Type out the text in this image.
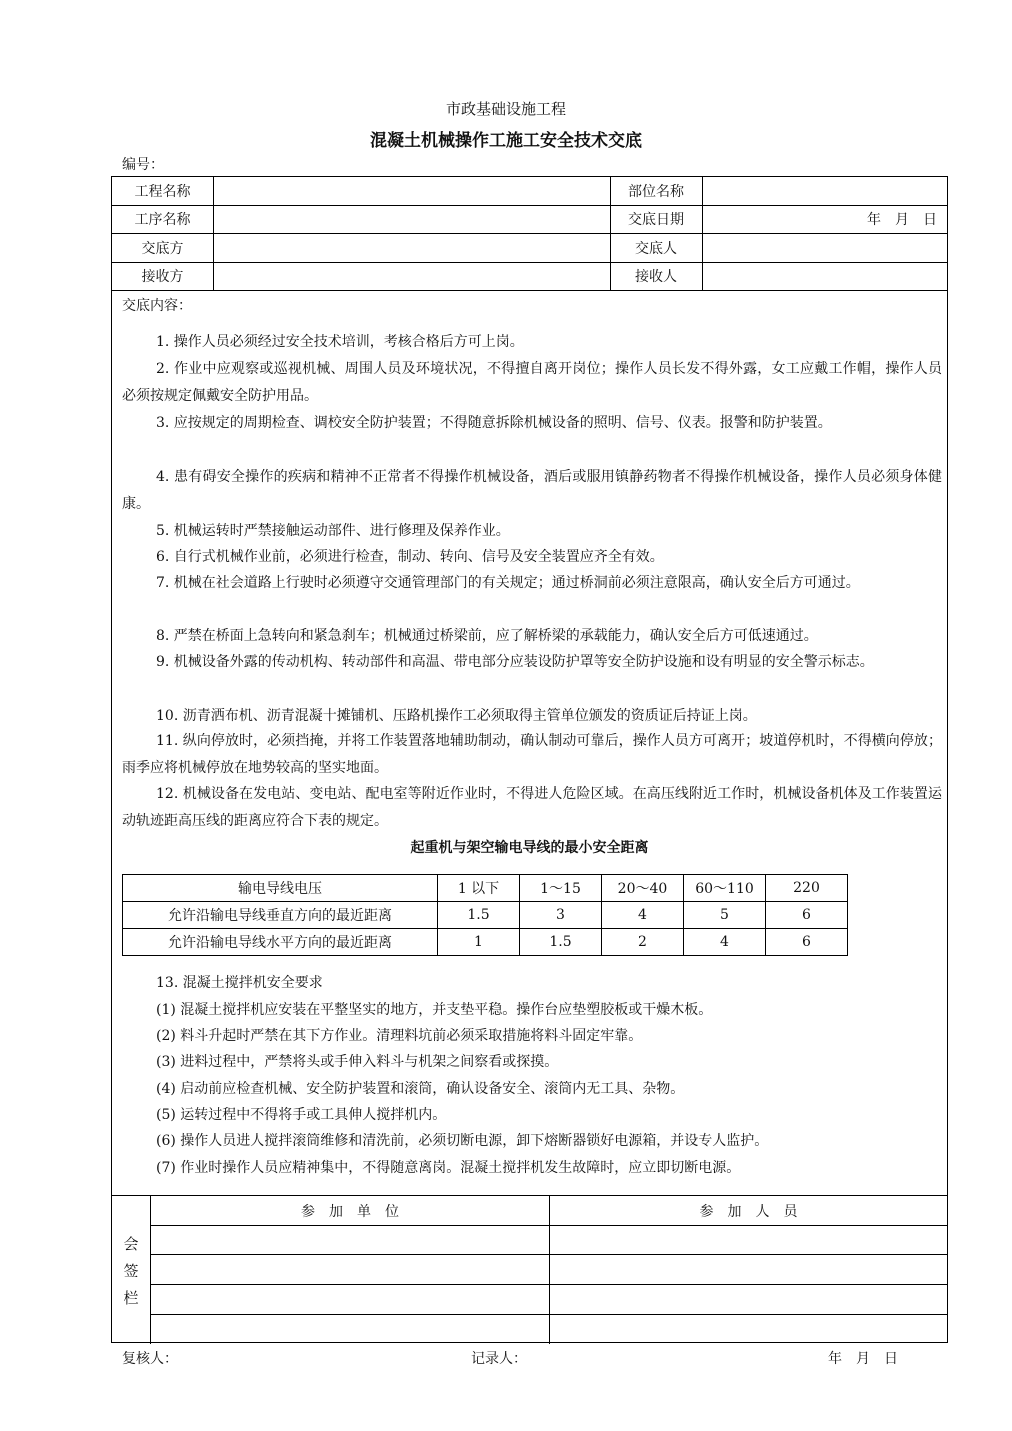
市政基础设施工程
混凝土机械操作工施工安全技术交底
编号：
工程名称	部位名称
工序名称	交底日期	年　月　日
交底方	交底人
接收方	接收人
交底内容：
1. 操作人员必须经过安全技术培训，考核合格后方可上岗。
2. 作业中应观察或巡视机械、周围人员及环境状况，不得擅自离开岗位；操作人员长发不得外露，女工应戴工作帽，操作人员必须按规定佩戴安全防护用品。
3. 应按规定的周期检查、调校安全防护装置；不得随意拆除机械设备的照明、信号、仪表。报警和防护装置。
4. 患有碍安全操作的疾病和精神不正常者不得操作机械设备，酒后或服用镇静药物者不得操作机械设备，操作人员必须身体健康。
5. 机械运转时严禁接触运动部件、进行修理及保养作业。
6. 自行式机械作业前，必须进行检查，制动、转向、信号及安全装置应齐全有效。
7. 机械在社会道路上行驶时必须遵守交通管理部门的有关规定；通过桥洞前必须注意限高，确认安全后方可通过。
8. 严禁在桥面上急转向和紧急刹车；机械通过桥梁前，应了解桥梁的承载能力，确认安全后方可低速通过。
9. 机械设备外露的传动机构、转动部件和高温、带电部分应装设防护罩等安全防护设施和设有明显的安全警示标志。
10. 沥青洒布机、沥青混凝十摊铺机、压路机操作工必须取得主管单位颁发的资质证后持证上岗。
11. 纵向停放时，必须挡掩，并将工作装置落地辅助制动，确认制动可靠后，操作人员方可离开；坡道停机时，不得横向停放；雨季应将机械停放在地势较高的坚实地面。
12. 机械设备在发电站、变电站、配电室等附近作业时，不得进人危险区域。在高压线附近工作时，机械设备机体及工作装置运动轨迹距高压线的距离应符合下表的规定。
起重机与架空输电导线的最小安全距离
输电导线电压	1 以下	1～15	20～40	60～110	220
允许沿输电导线垂直方向的最近距离	1.5	3	4	5	6
允许沿输电导线水平方向的最近距离	1	1.5	2	4	6
13. 混凝土搅拌机安全要求
(1) 混凝土搅拌机应安装在平整坚实的地方，并支垫平稳。操作台应垫塑胶板或干燥木板。
(2) 料斗升起时严禁在其下方作业。清理料坑前必须采取措施将料斗固定牢靠。
(3) 进料过程中，严禁将头或手伸入料斗与机架之间察看或探摸。
(4) 启动前应检查机械、安全防护装置和滚筒，确认设备安全、滚筒内无工具、杂物。
(5) 运转过程中不得将手或工具伸人搅拌机内。
(6) 操作人员进人搅拌滚筒维修和清洗前，必须切断电源，卸下熔断器锁好电源箱，并设专人监护。
(7) 作业时操作人员应精神集中，不得随意离岗。混凝土搅拌机发生故障时，应立即切断电源。
会
签
栏
参　加　单　位	参　加　人　员
复核人：	记录人：	年　月　日
